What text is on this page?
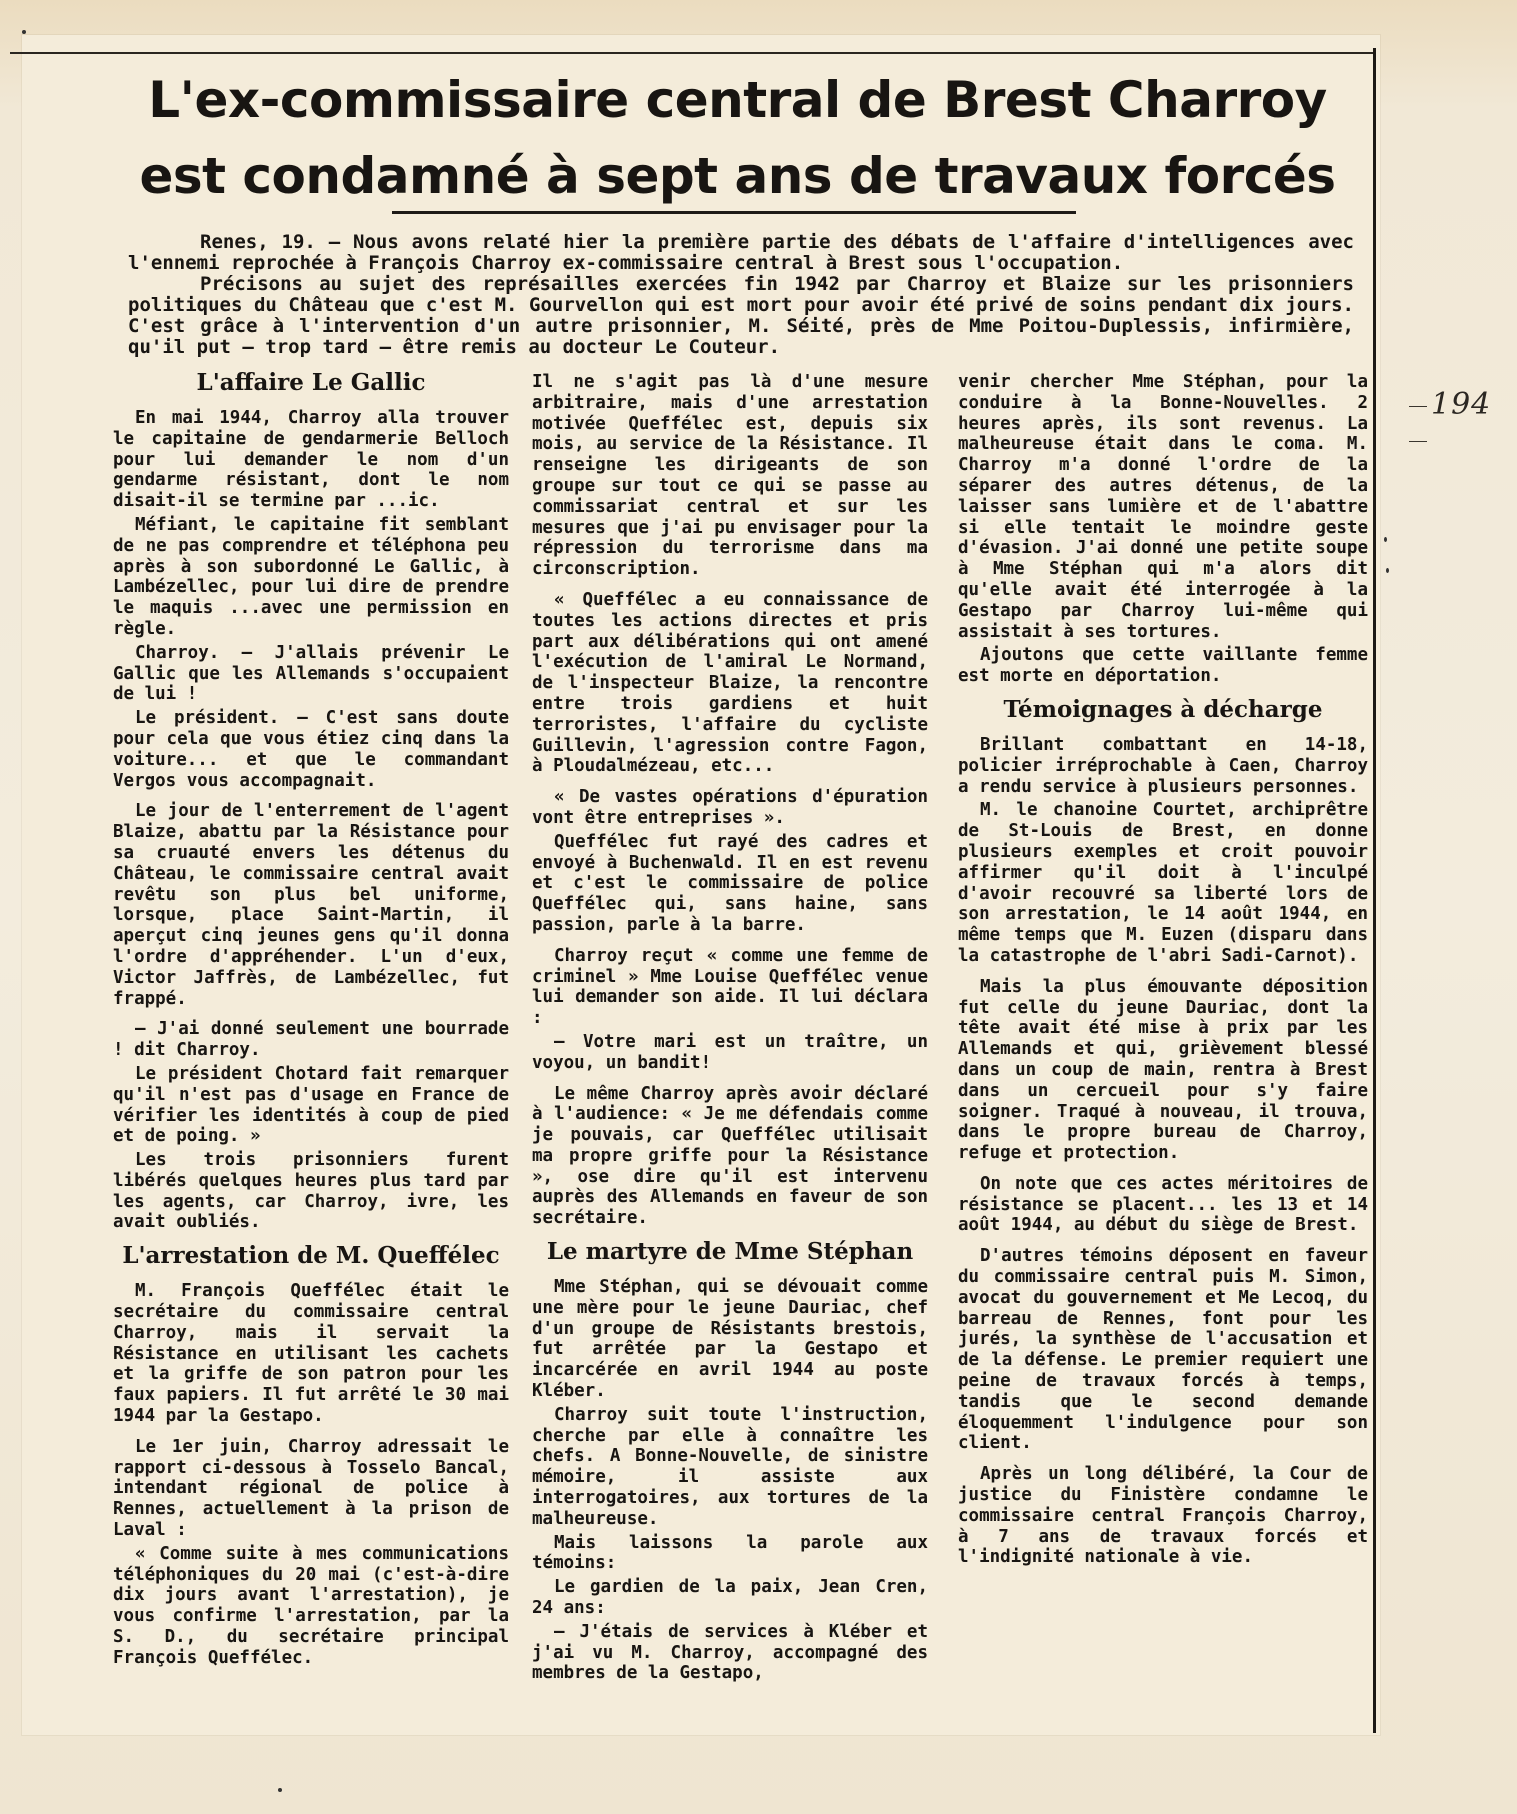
194
L'ex-commissaire central de Brest Charroy
est condamné à sept ans de travaux forcés

Renes, 19. — Nous avons relaté hier la première partie des débats de l'affaire d'intelligences avec l'ennemi reprochée à François Charroy ex-commissaire central à Brest sous l'occupation.

Précisons au sujet des représailles exercées fin 1942 par Charroy et Blaize sur les prisonniers politiques du Château que c'est M. Gourvellon qui est mort pour avoir été privé de soins pendant dix jours. C'est grâce à l'intervention d'un autre prisonnier, M. Séité, près de Mme Poitou-Duplessis, infirmière, qu'il put — trop tard — être remis au docteur Le Couteur.

L'affaire Le Gallic

En mai 1944, Charroy alla trouver le capitaine de gendarmerie Belloch pour lui demander le nom d'un gendarme résistant, dont le nom disait-il se termine par ...ic.

Méfiant, le capitaine fit semblant de ne pas comprendre et téléphona peu après à son subordonné Le Gallic, à Lambézellec, pour lui dire de prendre le maquis ...avec une permission en règle.

Charroy. — J'allais prévenir Le Gallic que les Allemands s'occupaient de lui !

Le président. — C'est sans doute pour cela que vous étiez cinq dans la voiture... et que le commandant Vergos vous accompagnait.

Le jour de l'enterrement de l'agent Blaize, abattu par la Résistance pour sa cruauté envers les détenus du Château, le commissaire central avait revêtu son plus bel uniforme, lorsque, place Saint-Martin, il aperçut cinq jeunes gens qu'il donna l'ordre d'appréhender. L'un d'eux, Victor Jaffrès, de Lambézellec, fut frappé.

— J'ai donné seulement une bourrade ! dit Charroy.

Le président Chotard fait remarquer qu'il n'est pas d'usage en France de vérifier les identités à coup de pied et de poing. »

Les trois prisonniers furent libérés quelques heures plus tard par les agents, car Charroy, ivre, les avait oubliés.

L'arrestation de M. Queffélec

M. François Queffélec était le secrétaire du commissaire central Charroy, mais il servait la Résistance en utilisant les cachets et la griffe de son patron pour les faux papiers. Il fut arrêté le 30 mai 1944 par la Gestapo.

Le 1er juin, Charroy adressait le rapport ci-dessous à Tosselo Bancal, intendant régional de police à Rennes, actuellement à la prison de Laval :

« Comme suite à mes communications téléphoniques du 20 mai (c'est-à-dire dix jours avant l'arrestation), je vous confirme l'arrestation, par la S. D., du secrétaire principal François Queffélec.

Il ne s'agit pas là d'une mesure arbitraire, mais d'une arrestation motivée Queffélec est, depuis six mois, au service de la Résistance. Il renseigne les dirigeants de son groupe sur tout ce qui se passe au commissariat central et sur les mesures que j'ai pu envisager pour la répression du terrorisme dans ma circonscription.

« Queffélec a eu connaissance de toutes les actions directes et pris part aux délibérations qui ont amené l'exécution de l'amiral Le Normand, de l'inspecteur Blaize, la rencontre entre trois gardiens et huit terroristes, l'affaire du cycliste Guillevin, l'agression contre Fagon, à Ploudalmézeau, etc...

« De vastes opérations d'épuration vont être entreprises ».

Queffélec fut rayé des cadres et envoyé à Buchenwald. Il en est revenu et c'est le commissaire de police Queffélec qui, sans haine, sans passion, parle à la barre.

Charroy reçut « comme une femme de criminel » Mme Louise Queffélec venue lui demander son aide. Il lui déclara :

— Votre mari est un traître, un voyou, un bandit!

Le même Charroy après avoir déclaré à l'audience: « Je me défendais comme je pouvais, car Queffélec utilisait ma propre griffe pour la Résistance », ose dire qu'il est intervenu auprès des Allemands en faveur de son secrétaire.

Le martyre de Mme Stéphan

Mme Stéphan, qui se dévouait comme une mère pour le jeune Dauriac, chef d'un groupe de Résistants brestois, fut arrêtée par la Gestapo et incarcérée en avril 1944 au poste Kléber.

Charroy suit toute l'instruction, cherche par elle à connaître les chefs. A Bonne-Nouvelle, de sinistre mémoire, il assiste aux interrogatoires, aux tortures de la malheureuse.

Mais laissons la parole aux témoins:

Le gardien de la paix, Jean Cren, 24 ans:

— J'étais de services à Kléber et j'ai vu M. Charroy, accompagné des membres de la Gestapo,

venir chercher Mme Stéphan, pour la conduire à la Bonne-Nouvelles. 2 heures après, ils sont revenus. La malheureuse était dans le coma. M. Charroy m'a donné l'ordre de la séparer des autres détenus, de la laisser sans lumière et de l'abattre si elle tentait le moindre geste d'évasion. J'ai donné une petite soupe à Mme Stéphan qui m'a alors dit qu'elle avait été interrogée à la Gestapo par Charroy lui-même qui assistait à ses tortures.

Ajoutons que cette vaillante femme est morte en déportation.

Témoignages à décharge

Brillant combattant en 14-18, policier irréprochable à Caen, Charroy a rendu service à plusieurs personnes.

M. le chanoine Courtet, archiprêtre de St-Louis de Brest, en donne plusieurs exemples et croit pouvoir affirmer qu'il doit à l'inculpé d'avoir recouvré sa liberté lors de son arrestation, le 14 août 1944, en même temps que M. Euzen (disparu dans la catastrophe de l'abri Sadi-Carnot).

Mais la plus émouvante déposition fut celle du jeune Dauriac, dont la tête avait été mise à prix par les Allemands et qui, grièvement blessé dans un coup de main, rentra à Brest dans un cercueil pour s'y faire soigner. Traqué à nouveau, il trouva, dans le propre bureau de Charroy, refuge et protection.

On note que ces actes méritoires de résistance se placent... les 13 et 14 août 1944, au début du siège de Brest.

D'autres témoins déposent en faveur du commissaire central puis M. Simon, avocat du gouvernement et Me Lecoq, du barreau de Rennes, font pour les jurés, la synthèse de l'accusation et de la défense. Le premier requiert une peine de travaux forcés à temps, tandis que le second demande éloquemment l'indulgence pour son client.

Après un long délibéré, la Cour de justice du Finistère condamne le commissaire central François Charroy, à 7 ans de travaux forcés et l'indignité nationale à vie.
